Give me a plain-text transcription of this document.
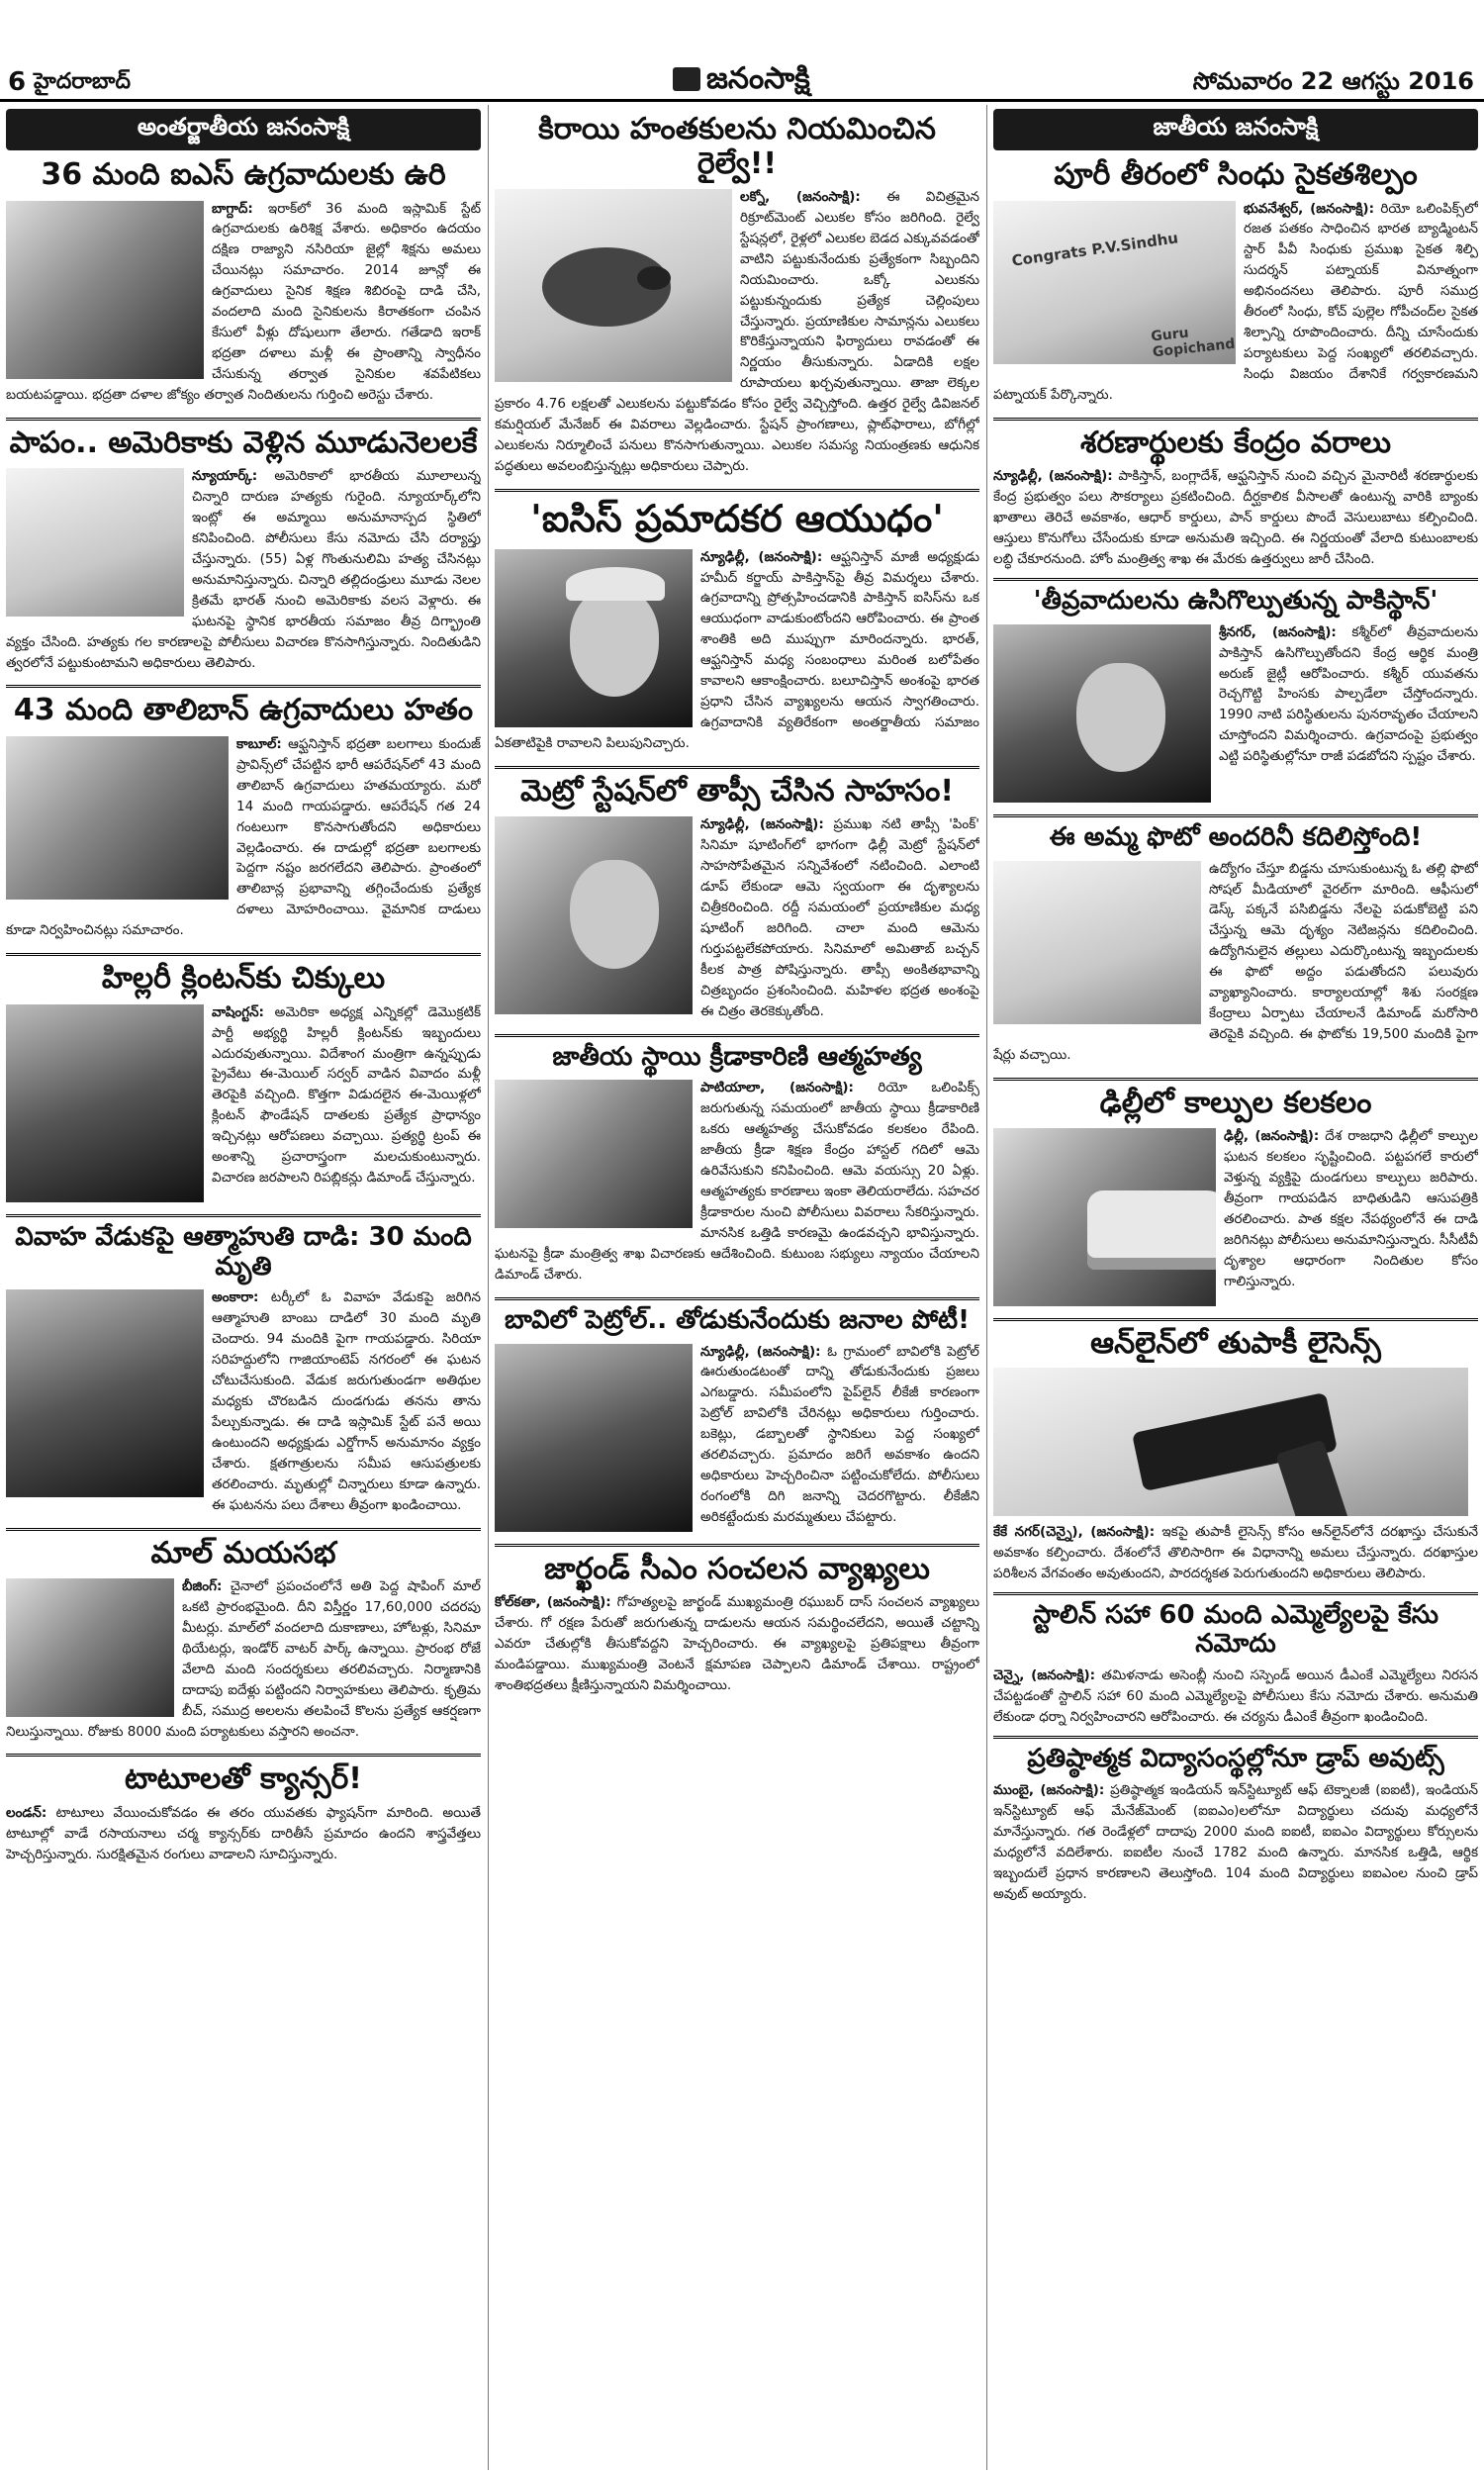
6 హైదరాబాద్	జనంసాక్షి	సోమవారం 22 ఆగస్టు 2016
అంతర్జాతీయ జనంసాక్షి
36 మంది ఐఎస్‌ ఉగ్రవాదులకు ఉరి

బాగ్దాద్‌: ఇరాక్‌లో 36 మంది ఇస్లామిక్‌ స్టేట్‌ ఉగ్రవాదులకు ఉరిశిక్ష వేశారు. అధికారం ఉదయం దక్షిణ రాజ్యాని నసిరియా జైల్లో శిక్షను అమలు చేయినట్లు సమాచారం. 2014 జూన్లో ఈ ఉగ్రవాదులు సైనిక శిక్షణ శిబిరంపై దాడి చేసి, వందలాది మంది సైనికులను కిరాతకంగా చంపిన కేసులో వీళ్లు దోషులుగా తేలారు. గతేడాది ఇరాక్‌ భద్రతా దళాలు మళ్లీ ఈ ప్రాంతాన్ని స్వాధీనం చేసుకున్న తర్వాత సైనికుల శవపేటికలు బయటపడ్డాయి. భద్రతా దళాల జోక్యం తర్వాత నిందితులను గుర్తించి అరెస్టు చేశారు.

పాపం.. అమెరికాకు వెళ్లిన మూడునెలలకే

న్యూయార్క్‌: అమెరికాలో భారతీయ మూలాలున్న చిన్నారి దారుణ హత్యకు గురైంది. న్యూయార్క్‌లోని ఇంట్లో ఈ అమ్మాయి అనుమానాస్పద స్థితిలో కనిపించింది. పోలీసులు కేసు నమోదు చేసి దర్యాప్తు చేస్తున్నారు. (55) ఏళ్ల గొంతునులిమి హత్య చేసినట్లు అనుమానిస్తున్నారు. చిన్నారి తల్లిదండ్రులు మూడు నెలల క్రితమే భారత్‌ నుంచి అమెరికాకు వలస వెళ్లారు. ఈ ఘటనపై స్థానిక భారతీయ సమాజం తీవ్ర దిగ్భ్రాంతి వ్యక్తం చేసింది. హత్యకు గల కారణాలపై పోలీసులు విచారణ కొనసాగిస్తున్నారు. నిందితుడిని త్వరలోనే పట్టుకుంటామని అధికారులు తెలిపారు.

43 మంది తాలిబాన్‌ ఉగ్రవాదులు హతం

కాబూల్‌: ఆఫ్ఘనిస్తాన్‌ భద్రతా బలగాలు కుందుజ్‌ ప్రావిన్స్‌లో చేపట్టిన భారీ ఆపరేషన్‌లో 43 మంది తాలిబాన్‌ ఉగ్రవాదులు హతమయ్యారు. మరో 14 మంది గాయపడ్డారు. ఆపరేషన్‌ గత 24 గంటలుగా కొనసాగుతోందని అధికారులు వెల్లడించారు. ఈ దాడుల్లో భద్రతా బలగాలకు పెద్దగా నష్టం జరగలేదని తెలిపారు. ప్రాంతంలో తాలిబాన్ల ప్రభావాన్ని తగ్గించేందుకు ప్రత్యేక దళాలు మోహరించాయి. వైమానిక దాడులు కూడా నిర్వహించినట్లు సమాచారం.

హిల్లరీ క్లింటన్‌కు చిక్కులు

వాషింగ్టన్‌: అమెరికా అధ్యక్ష ఎన్నికల్లో డెమొక్రటిక్‌ పార్టీ అభ్యర్థి హిల్లరీ క్లింటన్‌కు ఇబ్బందులు ఎదురవుతున్నాయి. విదేశాంగ మంత్రిగా ఉన్నప్పుడు ప్రైవేటు ఈ-మెయిల్‌ సర్వర్‌ వాడిన వివాదం మళ్లీ తెరపైకి వచ్చింది. కొత్తగా విడుదలైన ఈ-మెయిళ్లలో క్లింటన్‌ ఫౌండేషన్‌ దాతలకు ప్రత్యేక ప్రాధాన్యం ఇచ్చినట్లు ఆరోపణలు వచ్చాయి. ప్రత్యర్థి ట్రంప్‌ ఈ అంశాన్ని ప్రచారాస్త్రంగా మలచుకుంటున్నారు. విచారణ జరపాలని రిపబ్లికన్లు డిమాండ్‌ చేస్తున్నారు.

వివాహ వేడుకపై ఆత్మాహుతి దాడి: 30 మంది మృతి

అంకారా: టర్కీలో ఓ వివాహ వేడుకపై జరిగిన ఆత్మాహుతి బాంబు దాడిలో 30 మంది మృతి చెందారు. 94 మందికి పైగా గాయపడ్డారు. సిరియా సరిహద్దులోని గాజియాంటెప్‌ నగరంలో ఈ ఘటన చోటుచేసుకుంది. వేడుక జరుగుతుండగా అతిథుల మధ్యకు చొరబడిన దుండగుడు తనను తాను పేల్చుకున్నాడు. ఈ దాడి ఇస్లామిక్‌ స్టేట్‌ పనే అయి ఉంటుందని అధ్యక్షుడు ఎర్డోగాన్‌ అనుమానం వ్యక్తం చేశారు. క్షతగాత్రులను సమీప ఆసుపత్రులకు తరలించారు. మృతుల్లో చిన్నారులు కూడా ఉన్నారు. ఈ ఘటనను పలు దేశాలు తీవ్రంగా ఖండించాయి.

మాల్‌ మయసభ

బీజింగ్‌: చైనాలో ప్రపంచంలోనే అతి పెద్ద షాపింగ్‌ మాల్‌ ఒకటి ప్రారంభమైంది. దీని విస్తీర్ణం 17,60,000 చదరపు మీటర్లు. మాల్‌లో వందలాది దుకాణాలు, హోటళ్లు, సినిమా థియేటర్లు, ఇండోర్‌ వాటర్‌ పార్క్‌ ఉన్నాయి. ప్రారంభ రోజే వేలాది మంది సందర్శకులు తరలివచ్చారు. నిర్మాణానికి దాదాపు ఐదేళ్లు పట్టిందని నిర్వాహకులు తెలిపారు. కృత్రిమ బీచ్‌, సముద్ర అలలను తలపించే కొలను ప్రత్యేక ఆకర్షణగా నిలుస్తున్నాయి. రోజుకు 8000 మంది పర్యాటకులు వస్తారని అంచనా.

టాటూలతో క్యాన్సర్‌!

లండన్‌: టాటూలు వేయించుకోవడం ఈ తరం యువతకు ఫ్యాషన్‌గా మారింది. అయితే టాటూల్లో వాడే రసాయనాలు చర్మ క్యాన్సర్‌కు దారితీసే ప్రమాదం ఉందని శాస్త్రవేత్తలు హెచ్చరిస్తున్నారు. సురక్షితమైన రంగులు వాడాలని సూచిస్తున్నారు.

కిరాయి హంతకులను నియమించిన రైల్వే!!

లక్నో, (జనంసాక్షి): ఈ విచిత్రమైన రిక్రూట్‌మెంట్‌ ఎలుకల కోసం జరిగింది. రైల్వే స్టేషన్లలో, రైళ్లలో ఎలుకల బెడద ఎక్కువవడంతో వాటిని పట్టుకునేందుకు ప్రత్యేకంగా సిబ్బందిని నియమించారు. ఒక్కో ఎలుకను పట్టుకున్నందుకు ప్రత్యేక చెల్లింపులు చేస్తున్నారు. ప్రయాణికుల సామాన్లను ఎలుకలు కొరికేస్తున్నాయని ఫిర్యాదులు రావడంతో ఈ నిర్ణయం తీసుకున్నారు. ఏడాదికి లక్షల రూపాయలు ఖర్చవుతున్నాయి. తాజా లెక్కల ప్రకారం 4.76 లక్షలతో ఎలుకలను పట్టుకోవడం కోసం రైల్వే వెచ్చిస్తోంది. ఉత్తర రైల్వే డివిజనల్‌ కమర్షియల్‌ మేనేజర్‌ ఈ వివరాలు వెల్లడించారు. స్టేషన్‌ ప్రాంగణాలు, ప్లాట్‌ఫారాలు, బోగీల్లో ఎలుకలను నిర్మూలించే పనులు కొనసాగుతున్నాయి. ఎలుకల సమస్య నియంత్రణకు ఆధునిక పద్ధతులు అవలంబిస్తున్నట్లు అధికారులు చెప్పారు.

'ఐసిస్‌ ప్రమాదకర ఆయుధం'

న్యూఢిల్లీ, (జనంసాక్షి): ఆఫ్ఘనిస్తాన్‌ మాజీ అధ్యక్షుడు హమీద్‌ కర్జాయ్‌ పాకిస్తాన్‌పై తీవ్ర విమర్శలు చేశారు. ఉగ్రవాదాన్ని ప్రోత్సహించడానికి పాకిస్తాన్‌ ఐసిస్‌ను ఒక ఆయుధంగా వాడుకుంటోందని ఆరోపించారు. ఈ ప్రాంత శాంతికి అది ముప్పుగా మారిందన్నారు. భారత్‌, ఆఫ్ఘనిస్తాన్‌ మధ్య సంబంధాలు మరింత బలోపేతం కావాలని ఆకాంక్షించారు. బలూచిస్తాన్‌ అంశంపై భారత ప్రధాని చేసిన వ్యాఖ్యలను ఆయన స్వాగతించారు. ఉగ్రవాదానికి వ్యతిరేకంగా అంతర్జాతీయ సమాజం ఏకతాటిపైకి రావాలని పిలుపునిచ్చారు.

మెట్రో స్టేషన్‌లో తాప్సీ చేసిన సాహసం!

న్యూఢిల్లీ, (జనంసాక్షి): ప్రముఖ నటి తాప్సీ 'పింక్‌' సినిమా షూటింగ్‌లో భాగంగా ఢిల్లీ మెట్రో స్టేషన్‌లో సాహసోపేతమైన సన్నివేశంలో నటించింది. ఎలాంటి డూప్‌ లేకుండా ఆమె స్వయంగా ఈ దృశ్యాలను చిత్రీకరించింది. రద్దీ సమయంలో ప్రయాణికుల మధ్య షూటింగ్‌ జరిగింది. చాలా మంది ఆమెను గుర్తుపట్టలేకపోయారు. సినిమాలో అమితాబ్‌ బచ్చన్‌ కీలక పాత్ర పోషిస్తున్నారు. తాప్సీ అంకితభావాన్ని చిత్రబృందం ప్రశంసించింది. మహిళల భద్రత అంశంపై ఈ చిత్రం తెరకెక్కుతోంది.

జాతీయ స్థాయి క్రీడాకారిణి ఆత్మహత్య

పాటియాలా, (జనంసాక్షి): రియో ఒలింపిక్స్‌ జరుగుతున్న సమయంలో జాతీయ స్థాయి క్రీడాకారిణి ఒకరు ఆత్మహత్య చేసుకోవడం కలకలం రేపింది. జాతీయ క్రీడా శిక్షణ కేంద్రం హాస్టల్‌ గదిలో ఆమె ఉరివేసుకుని కనిపించింది. ఆమె వయస్సు 20 ఏళ్లు. ఆత్మహత్యకు కారణాలు ఇంకా తెలియరాలేదు. సహచర క్రీడాకారుల నుంచి పోలీసులు వివరాలు సేకరిస్తున్నారు. మానసిక ఒత్తిడి కారణమై ఉండవచ్చని భావిస్తున్నారు. ఘటనపై క్రీడా మంత్రిత్వ శాఖ విచారణకు ఆదేశించింది. కుటుంబ సభ్యులు న్యాయం చేయాలని డిమాండ్‌ చేశారు.

బావిలో పెట్రోల్‌.. తోడుకునేందుకు జనాల పోటీ!

న్యూఢిల్లీ, (జనంసాక్షి): ఓ గ్రామంలో బావిలోకి పెట్రోల్‌ ఊరుతుండటంతో దాన్ని తోడుకునేందుకు ప్రజలు ఎగబడ్డారు. సమీపంలోని పైప్‌లైన్‌ లీకేజీ కారణంగా పెట్రోల్‌ బావిలోకి చేరినట్లు అధికారులు గుర్తించారు. బకెట్లు, డబ్బాలతో స్థానికులు పెద్ద సంఖ్యలో తరలివచ్చారు. ప్రమాదం జరిగే అవకాశం ఉందని అధికారులు హెచ్చరించినా పట్టించుకోలేదు. పోలీసులు రంగంలోకి దిగి జనాన్ని చెదరగొట్టారు. లీకేజీని అరికట్టేందుకు మరమ్మతులు చేపట్టారు.

జార్ఖండ్‌ సీఎం సంచలన వ్యాఖ్యలు

కోల్‌కతా, (జనంసాక్షి): గోహత్యలపై జార్ఖండ్‌ ముఖ్యమంత్రి రఘుబర్‌ దాస్‌ సంచలన వ్యాఖ్యలు చేశారు. గో రక్షణ పేరుతో జరుగుతున్న దాడులను ఆయన సమర్థించలేదని, అయితే చట్టాన్ని ఎవరూ చేతుల్లోకి తీసుకోవద్దని హెచ్చరించారు. ఈ వ్యాఖ్యలపై ప్రతిపక్షాలు తీవ్రంగా మండిపడ్డాయి. ముఖ్యమంత్రి వెంటనే క్షమాపణ చెప్పాలని డిమాండ్‌ చేశాయి. రాష్ట్రంలో శాంతిభద్రతలు క్షీణిస్తున్నాయని విమర్శించాయి.

జాతీయ జనంసాక్షి
పూరీ తీరంలో సింధు సైకతశిల్పం
Congrats P.V.Sindhu
Guru Gopichand

భువనేశ్వర్‌, (జనంసాక్షి): రియో ఒలింపిక్స్‌లో రజత పతకం సాధించిన భారత బ్యాడ్మింటన్‌ స్టార్‌ పీవీ సింధుకు ప్రముఖ సైకత శిల్పి సుదర్శన్‌ పట్నాయక్‌ వినూత్నంగా అభినందనలు తెలిపారు. పూరీ సముద్ర తీరంలో సింధు, కోచ్‌ పుల్లెల గోపీచంద్‌ల సైకత శిల్పాన్ని రూపొందించారు. దీన్ని చూసేందుకు పర్యాటకులు పెద్ద సంఖ్యలో తరలివచ్చారు. సింధు విజయం దేశానికే గర్వకారణమని పట్నాయక్‌ పేర్కొన్నారు.

శరణార్థులకు కేంద్రం వరాలు

న్యూఢిల్లీ, (జనంసాక్షి): పాకిస్తాన్‌, బంగ్లాదేశ్‌, ఆఫ్ఘనిస్తాన్‌ నుంచి వచ్చిన మైనారిటీ శరణార్థులకు కేంద్ర ప్రభుత్వం పలు సౌకర్యాలు ప్రకటించింది. దీర్ఘకాలిక వీసాలతో ఉంటున్న వారికి బ్యాంకు ఖాతాలు తెరిచే అవకాశం, ఆధార్‌ కార్డులు, పాన్‌ కార్డులు పొందే వెసులుబాటు కల్పించింది. ఆస్తులు కొనుగోలు చేసేందుకు కూడా అనుమతి ఇచ్చింది. ఈ నిర్ణయంతో వేలాది కుటుంబాలకు లబ్ధి చేకూరనుంది. హోం మంత్రిత్వ శాఖ ఈ మేరకు ఉత్తర్వులు జారీ చేసింది.

'తీవ్రవాదులను ఉసిగొల్పుతున్న పాకిస్థాన్‌'

శ్రీనగర్‌, (జనంసాక్షి): కశ్మీర్‌లో తీవ్రవాదులను పాకిస్తాన్‌ ఉసిగొల్పుతోందని కేంద్ర ఆర్థిక మంత్రి అరుణ్‌ జైట్లీ ఆరోపించారు. కశ్మీర్‌ యువతను రెచ్చగొట్టి హింసకు పాల్పడేలా చేస్తోందన్నారు. 1990 నాటి పరిస్థితులను పునరావృతం చేయాలని చూస్తోందని విమర్శించారు. ఉగ్రవాదంపై ప్రభుత్వం ఎట్టి పరిస్థితుల్లోనూ రాజీ పడబోదని స్పష్టం చేశారు.

ఈ అమ్మ ఫొటో అందరినీ కదిలిస్తోంది!

ఉద్యోగం చేస్తూ బిడ్డను చూసుకుంటున్న ఓ తల్లి ఫొటో సోషల్‌ మీడియాలో వైరల్‌గా మారింది. ఆఫీసులో డెస్క్‌ పక్కనే పసిబిడ్డను నేలపై పడుకోబెట్టి పని చేస్తున్న ఆమె దృశ్యం నెటిజన్లను కదిలించింది. ఉద్యోగినులైన తల్లులు ఎదుర్కొంటున్న ఇబ్బందులకు ఈ ఫొటో అద్దం పడుతోందని పలువురు వ్యాఖ్యానించారు. కార్యాలయాల్లో శిశు సంరక్షణ కేంద్రాలు ఏర్పాటు చేయాలనే డిమాండ్‌ మరోసారి తెరపైకి వచ్చింది. ఈ ఫొటోకు 19,500 మందికి పైగా షేర్లు వచ్చాయి.

ఢిల్లీలో కాల్పుల కలకలం

ఢిల్లీ, (జనంసాక్షి): దేశ రాజధాని ఢిల్లీలో కాల్పుల ఘటన కలకలం సృష్టించింది. పట్టపగలే కారులో వెళ్తున్న వ్యక్తిపై దుండగులు కాల్పులు జరిపారు. తీవ్రంగా గాయపడిన బాధితుడిని ఆసుపత్రికి తరలించారు. పాత కక్షల నేపథ్యంలోనే ఈ దాడి జరిగినట్లు పోలీసులు అనుమానిస్తున్నారు. సీసీటీవీ దృశ్యాల ఆధారంగా నిందితుల కోసం గాలిస్తున్నారు.

ఆన్‌లైన్‌లో తుపాకీ లైసెన్స్‌

కేకే నగర్‌(చెన్నై), (జనంసాక్షి): ఇకపై తుపాకీ లైసెన్స్‌ కోసం ఆన్‌లైన్‌లోనే దరఖాస్తు చేసుకునే అవకాశం కల్పించారు. దేశంలోనే తొలిసారిగా ఈ విధానాన్ని అమలు చేస్తున్నారు. దరఖాస్తుల పరిశీలన వేగవంతం అవుతుందని, పారదర్శకత పెరుగుతుందని అధికారులు తెలిపారు.

స్టాలిన్‌ సహా 60 మంది ఎమ్మెల్యేలపై కేసు నమోదు

చెన్నై, (జనంసాక్షి): తమిళనాడు అసెంబ్లీ నుంచి సస్పెండ్‌ అయిన డీఎంకే ఎమ్మెల్యేలు నిరసన చేపట్టడంతో స్టాలిన్‌ సహా 60 మంది ఎమ్మెల్యేలపై పోలీసులు కేసు నమోదు చేశారు. అనుమతి లేకుండా ధర్నా నిర్వహించారని ఆరోపించారు. ఈ చర్యను డీఎంకే తీవ్రంగా ఖండించింది.

ప్రతిష్ఠాత్మక విద్యాసంస్థల్లోనూ డ్రాప్‌ అవుట్స్‌

ముంబై, (జనంసాక్షి): ప్రతిష్ఠాత్మక ఇండియన్‌ ఇన్‌స్టిట్యూట్‌ ఆఫ్‌ టెక్నాలజీ (ఐఐటీ), ఇండియన్‌ ఇన్‌స్టిట్యూట్‌ ఆఫ్‌ మేనేజ్‌మెంట్‌ (ఐఐఎం)లలోనూ విద్యార్థులు చదువు మధ్యలోనే మానేస్తున్నారు. గత రెండేళ్లలో దాదాపు 2000 మంది ఐఐటీ, ఐఐఎం విద్యార్థులు కోర్సులను మధ్యలోనే వదిలేశారు. ఐఐటీల నుంచే 1782 మంది ఉన్నారు. మానసిక ఒత్తిడి, ఆర్థిక ఇబ్బందులే ప్రధాన కారణాలని తెలుస్తోంది. 104 మంది విద్యార్థులు ఐఐఎంల నుంచి డ్రాప్‌ అవుట్‌ అయ్యారు.
